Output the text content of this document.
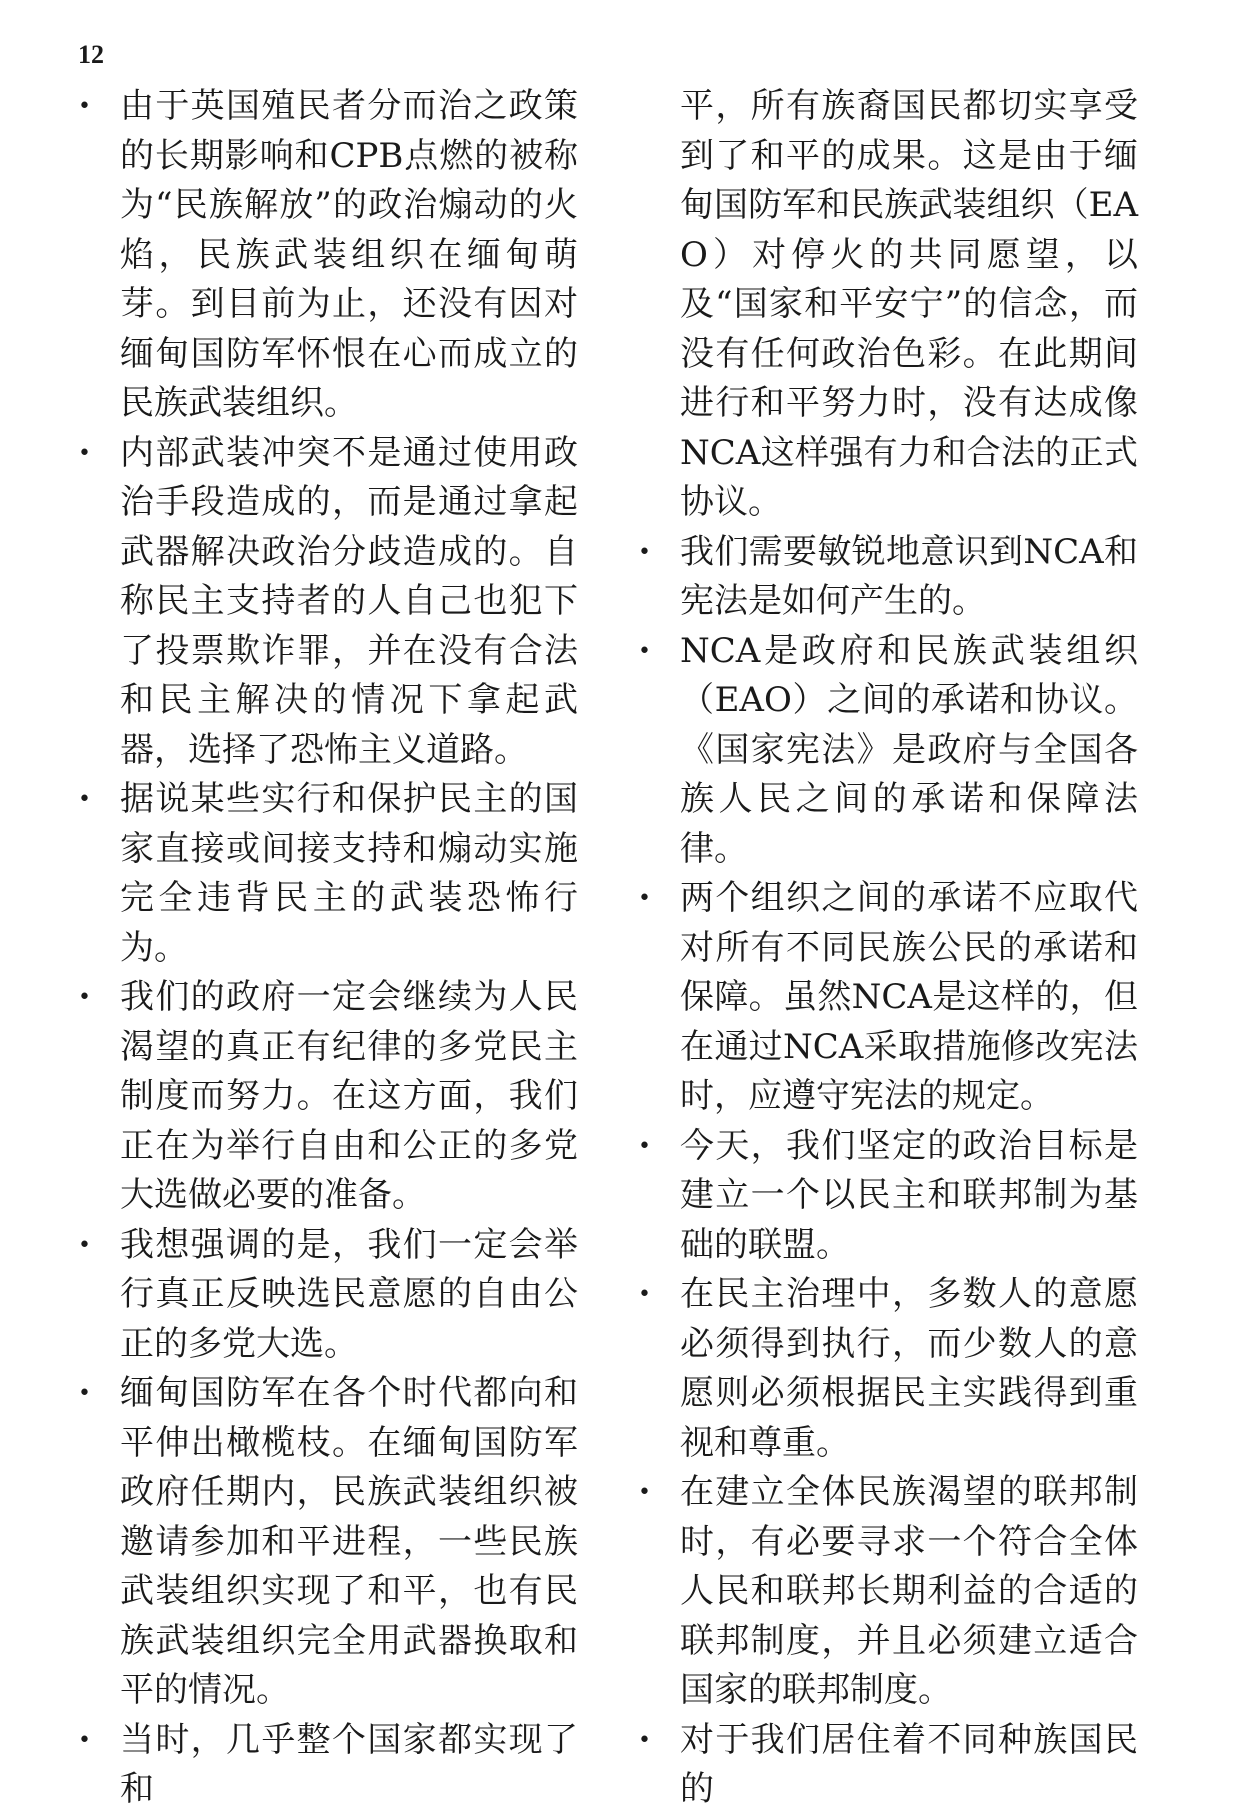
12
• 由于英国殖民者分而治之政策的长期影响和CPB点燃的被称为“民族解放”的政治煽动的火焰，民族武装组织在缅甸萌芽。到目前为止，还没有因对缅甸国防军怀恨在心而成立的民族武装组织。
• 内部武装冲突不是通过使用政治手段造成的，而是通过拿起武器解决政治分歧造成的。自称民主支持者的人自己也犯下了投票欺诈罪，并在没有合法和民主解决的情况下拿起武器，选择了恐怖主义道路。
• 据说某些实行和保护民主的国家直接或间接支持和煽动实施完全违背民主的武装恐怖行为。
• 我们的政府一定会继续为人民渴望的真正有纪律的多党民主制度而努力。在这方面，我们正在为举行自由和公正的多党大选做必要的准备。
• 我想强调的是，我们一定会举行真正反映选民意愿的自由公正的多党大选。
• 缅甸国防军在各个时代都向和平伸出橄榄枝。在缅甸国防军政府任期内，民族武装组织被邀请参加和平进程，一些民族武装组织实现了和平，也有民族武装组织完全用武器换取和平的情况。
• 当时，几乎整个国家都实现了和
平，所有族裔国民都切实享受到了和平的成果。这是由于缅甸国防军和民族武装组织（EAO）对停火的共同愿望，以及“国家和平安宁”的信念，而没有任何政治色彩。在此期间进行和平努力时，没有达成像NCA这样强有力和合法的正式协议。
• 我们需要敏锐地意识到NCA和宪法是如何产生的。
• NCA是政府和民族武装组织（EAO）之间的承诺和协议。《国家宪法》是政府与全国各族人民之间的承诺和保障法律。
• 两个组织之间的承诺不应取代对所有不同民族公民的承诺和保障。虽然NCA是这样的，但在通过NCA采取措施修改宪法时，应遵守宪法的规定。
• 今天，我们坚定的政治目标是建立一个以民主和联邦制为基础的联盟。
• 在民主治理中，多数人的意愿必须得到执行，而少数人的意愿则必须根据民主实践得到重视和尊重。
• 在建立全体民族渴望的联邦制时，有必要寻求一个符合全体人民和联邦长期利益的合适的联邦制度，并且必须建立适合国家的联邦制度。
• 对于我们居住着不同种族国民的
